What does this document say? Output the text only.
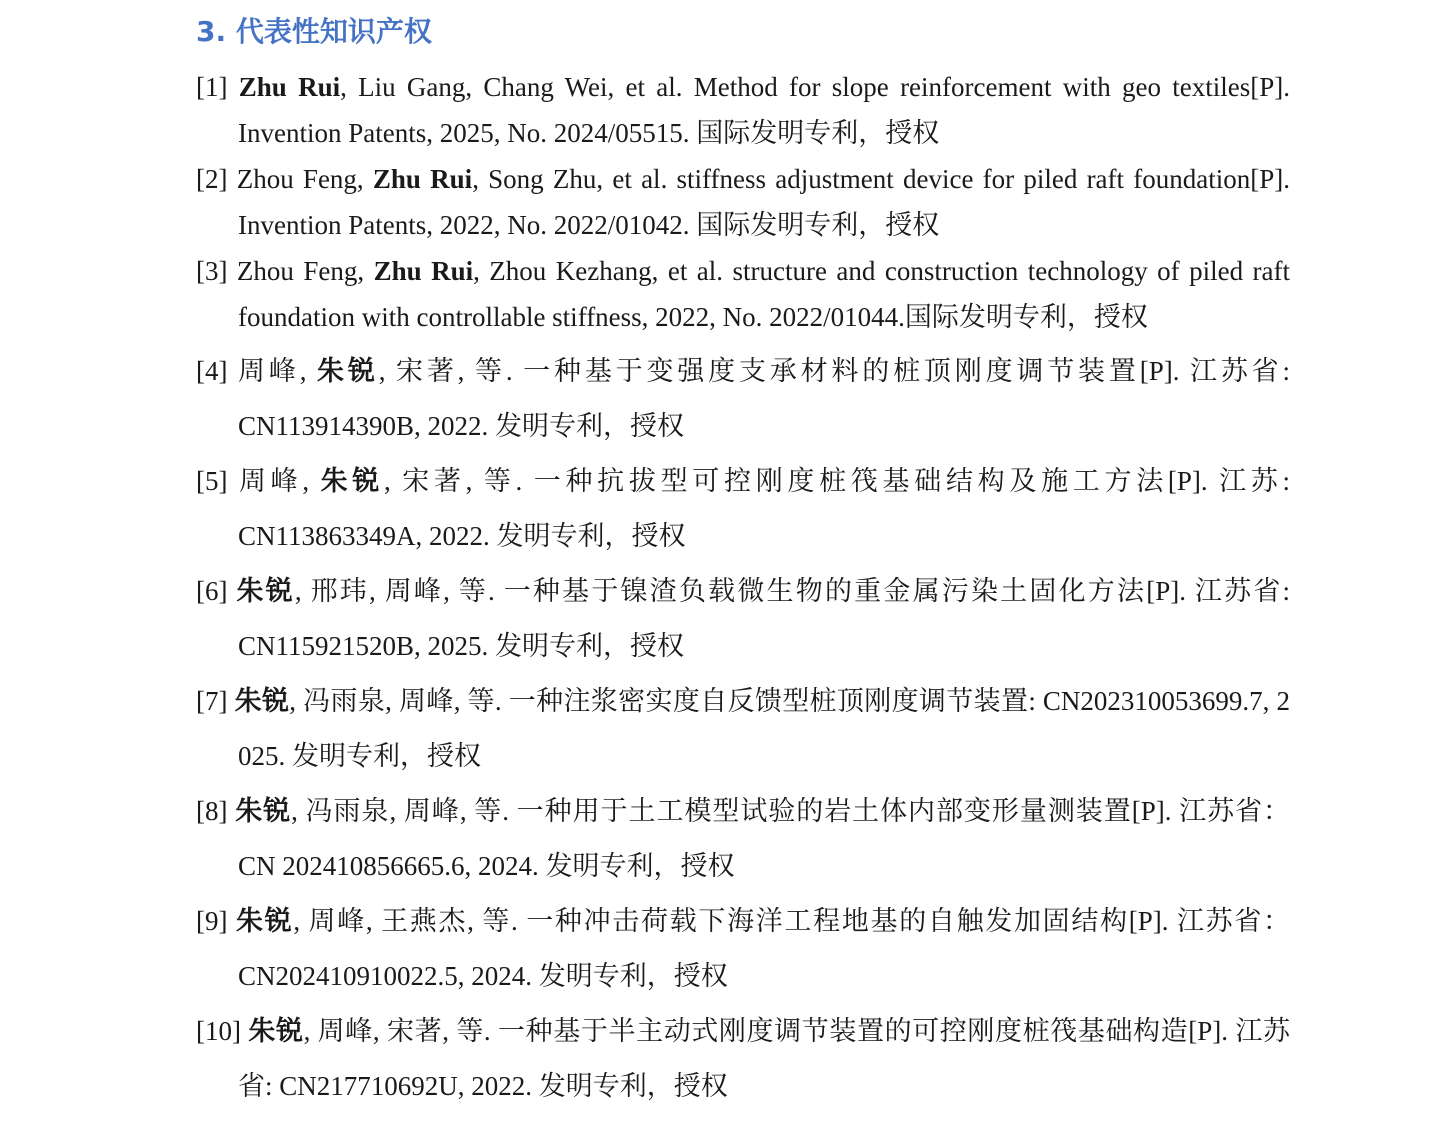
3. 代表性知识产权
[1] Zhu Rui, Liu Gang, Chang Wei, et al. Method for slope reinforcement with geo textiles[P]. Invention Patents, 2025, No. 2024/05515. 国际发明专利，授权
[2] Zhou Feng, Zhu Rui, Song Zhu, et al. stiffness adjustment device for piled raft foundation[P]. Invention Patents, 2022, No. 2022/01042. 国际发明专利，授权
[3] Zhou Feng, Zhu Rui, Zhou Kezhang, et al. structure and construction technology of piled raft foundation with controllable stiffness, 2022, No. 2022/01044.国际发明专利，授权
[4] 周峰, 朱锐, 宋著, 等. 一种基于变强度支承材料的桩顶刚度调节装置[P]. 江苏省: CN113914390B, 2022. 发明专利，授权
[5] 周峰, 朱锐, 宋著, 等. 一种抗拔型可控刚度桩筏基础结构及施工方法[P]. 江苏: CN113863349A, 2022. 发明专利，授权
[6] 朱锐, 邢玮, 周峰, 等. 一种基于镍渣负载微生物的重金属污染土固化方法[P]. 江苏省: CN115921520B, 2025. 发明专利，授权
[7] 朱锐, 冯雨泉, 周峰, 等. 一种注浆密实度自反馈型桩顶刚度调节装置: CN202310053699.7, 2025. 发明专利，授权
[8] 朱锐, 冯雨泉, 周峰, 等. 一种用于土工模型试验的岩土体内部变形量测装置[P]. 江苏省：CN 202410856665.6, 2024. 发明专利，授权
[9] 朱锐, 周峰, 王燕杰, 等. 一种冲击荷载下海洋工程地基的自触发加固结构[P]. 江苏省：CN202410910022.5, 2024. 发明专利，授权
[10] 朱锐, 周峰, 宋著, 等. 一种基于半主动式刚度调节装置的可控刚度桩筏基础构造[P]. 江苏省: CN217710692U, 2022. 发明专利，授权
